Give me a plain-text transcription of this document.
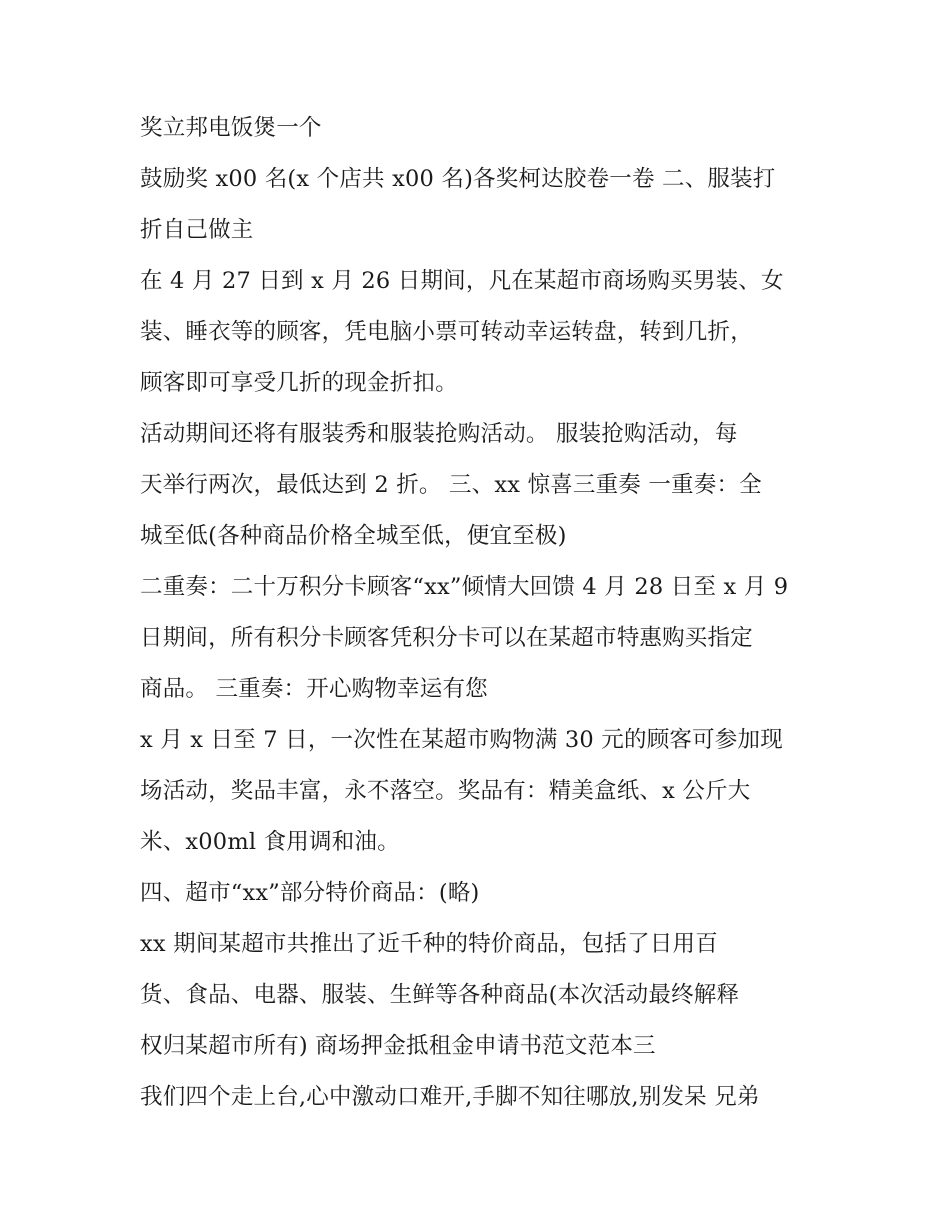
奖立邦电饭煲一个
鼓励奖 x00 名(x 个店共 x00 名)各奖柯达胶卷一卷 二、服装打
折自己做主
在 4 月 27 日到 x 月 26 日期间，凡在某超市商场购买男装、女
装、睡衣等的顾客，凭电脑小票可转动幸运转盘，转到几折，
顾客即可享受几折的现金折扣。
活动期间还将有服装秀和服装抢购活动。 服装抢购活动，每
天举行两次，最低达到 2 折。 三、xx 惊喜三重奏 一重奏：全
城至低(各种商品价格全城至低，便宜至极)
二重奏：二十万积分卡顾客“xx”倾情大回馈 4 月 28 日至 x 月 9
日期间，所有积分卡顾客凭积分卡可以在某超市特惠购买指定
商品。 三重奏：开心购物幸运有您
x 月 x 日至 7 日，一次性在某超市购物满 30 元的顾客可参加现
场活动，奖品丰富，永不落空。奖品有：精美盒纸、x 公斤大
米、x00ml 食用调和油。
四、超市“xx”部分特价商品：(略)
xx 期间某超市共推出了近千种的特价商品，包括了日用百
货、食品、电器、服装、生鲜等各种商品(本次活动最终解释
权归某超市所有) 商场押金抵租金申请书范文范本三
我们四个走上台,心中激动口难开,手脚不知往哪放,别发呆 兄弟
